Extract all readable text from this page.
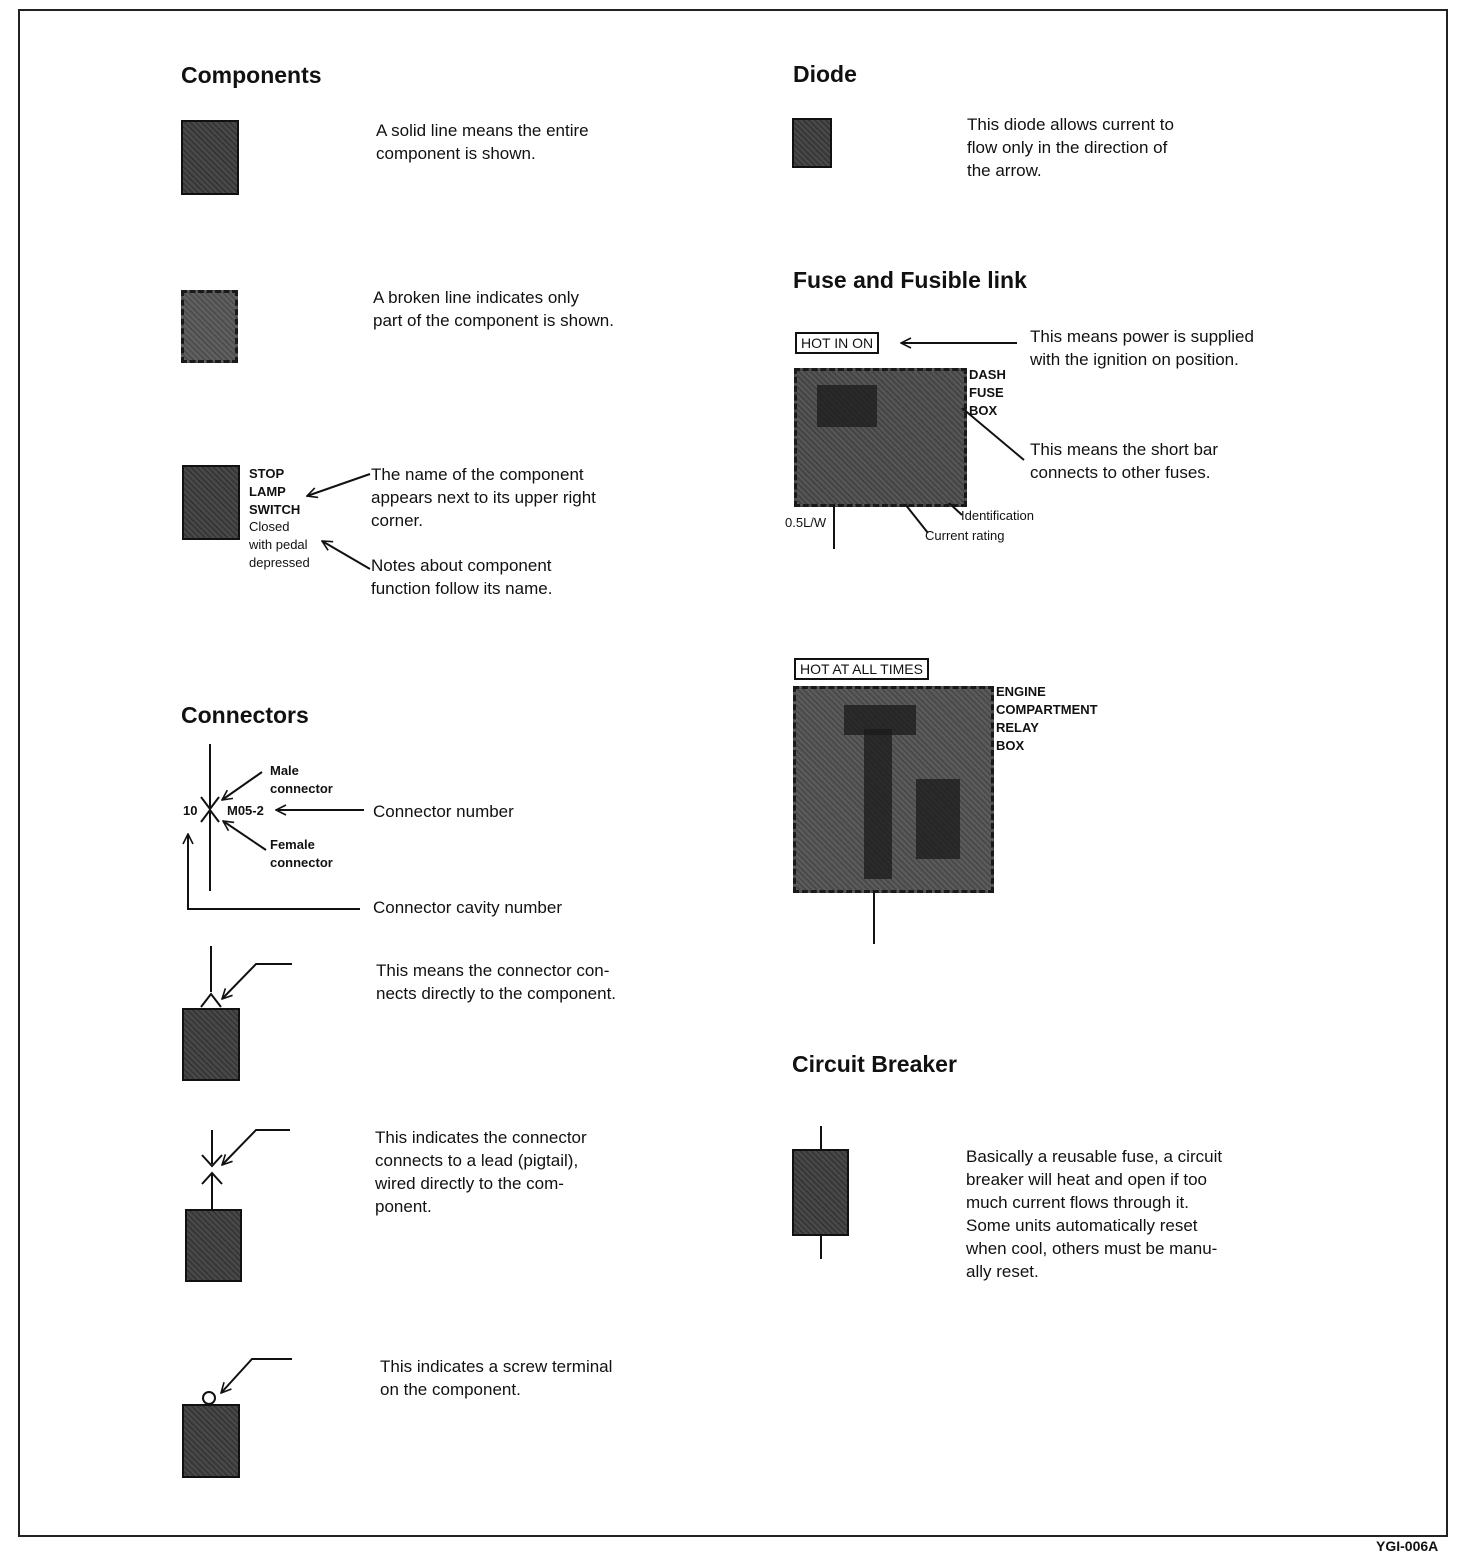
Components
A solid line means the entire
component is shown.
A broken line indicates only
part of the component is shown.
STOP
LAMP
SWITCH
Closed
with pedal
depressed
The name of the component
appears next to its upper right
corner.
Notes about component
function follow its name.
Connectors
Male
connector
Female
connector
10 M05-2	Connector number
Connector cavity number
This means the connector con-
nects directly to the component.
This indicates the connector
connects to a lead (pigtail),
wired directly to the com-
ponent.
This indicates a screw terminal
on the component.
Diode
This diode allows current to
flow only in the direction of
the arrow.
Fuse and Fusible link
HOT IN ON	This means power is supplied
with the ignition on position.
DASH
FUSE
BOX
This means the short bar
connects to other fuses.
Identification
Current rating
0.5L/W
HOT AT ALL TIMES
ENGINE
COMPARTMENT
RELAY
BOX
Circuit Breaker
Basically a reusable fuse, a circuit
breaker will heat and open if too
much current flows through it.
Some units automatically reset
when cool, others must be manu-
ally reset.
YGI-006A
